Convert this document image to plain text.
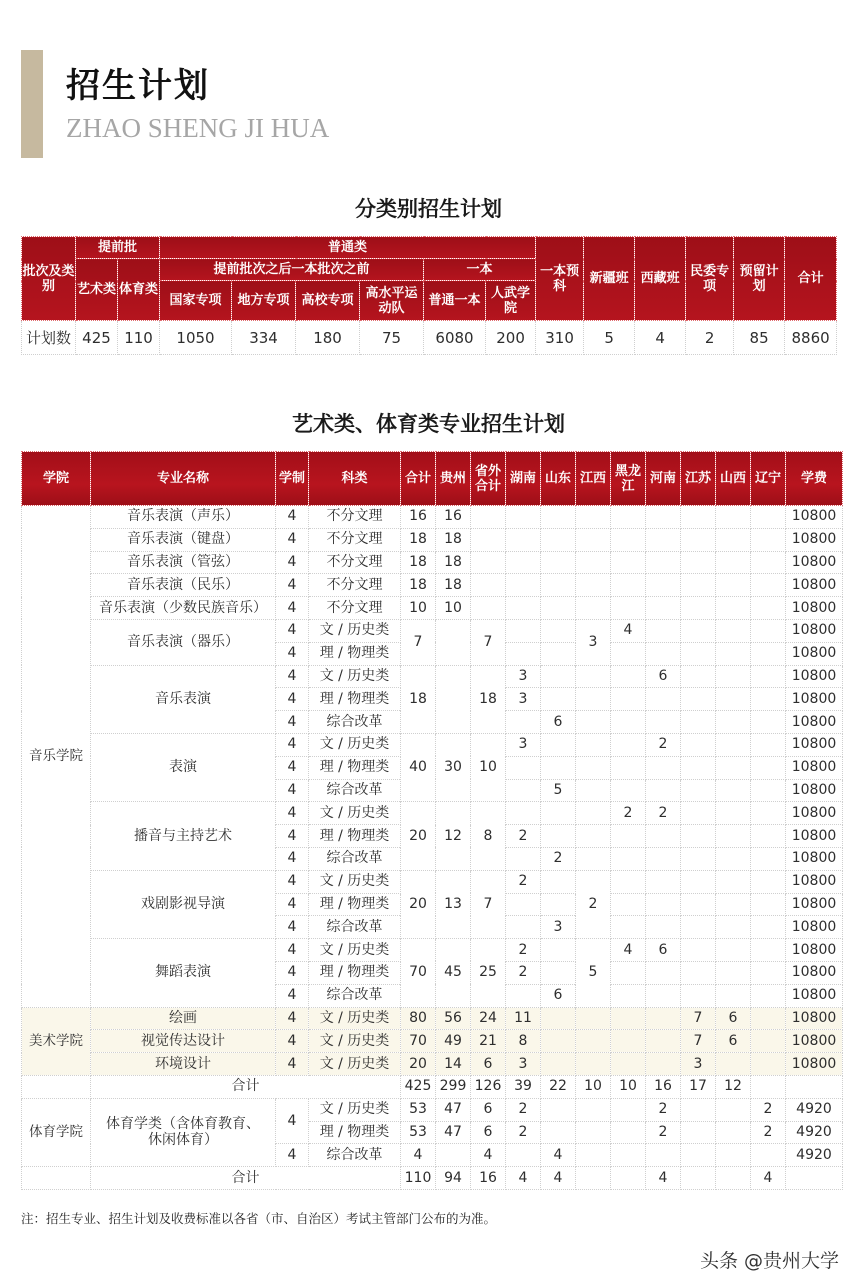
招生计划
ZHAO SHENG JI HUA
分类别招生计划
批次及类别	提前批		普通类						一本预科	新疆班	西藏班	民委专项	预留计划	合计
	艺术类	体育类	提前批次之后一本批次之前				一本							
			国家专项	地方专项	高校专项	高水平运动队	普通一本	人武学院						
计划数	425	110	1050	334	180	75	6080	200	310	5	4	2	85	8860
艺术类、体育类专业招生计划
学院	专业名称	学制	科类	合计	贵州	省外合计	湖南	山东	江西	黑龙江	河南	江苏	山西	辽宁	学费
音乐学院	音乐表演（声乐）	4	不分文理	16	16										10800
	音乐表演（键盘）	4	不分文理	18	18										10800
	音乐表演（管弦）	4	不分文理	18	18										10800
	音乐表演（民乐）	4	不分文理	18	18										10800
	音乐表演（少数民族音乐）	4	不分文理	10	10										10800
	音乐表演（器乐）	4	文 / 历史类	7		7			3	4					10800
		4	理 / 物理类												10800
	音乐表演	4	文 / 历史类	18		18	3				6				10800
		4	理 / 物理类				3								10800
		4	综合改革					6							10800
	表演	4	文 / 历史类	40	30	10	3				2				10800
		4	理 / 物理类												10800
		4	综合改革					5							10800
	播音与主持艺术	4	文 / 历史类	20	12	8				2	2				10800
		4	理 / 物理类				2								10800
		4	综合改革					2							10800
	戏剧影视导演	4	文 / 历史类	20	13	7	2		2						10800
		4	理 / 物理类												10800
		4	综合改革					3							10800
	舞蹈表演	4	文 / 历史类	70	45	25	2		5	4	6				10800
		4	理 / 物理类				2								10800
		4	综合改革					6							10800
美术学院	绘画	4	文 / 历史类	80	56	24	11					7	6		10800
	视觉传达设计	4	文 / 历史类	70	49	21	8					7	6		10800
	环境设计	4	文 / 历史类	20	14	6	3					3			10800
	合计			425	299	126	39	22	10	10	16	17	12		
体育学院	体育学类（含体育教育、休闲体育）	4	文 / 历史类	53	47	6	2				2			2	4920
			理 / 物理类	53	47	6	2				2			2	4920
		4	综合改革	4		4		4							4920
	合计			110	94	16	4	4			4			4	
注：招生专业、招生计划及收费标准以各省（市、自治区）考试主管部门公布的为准。
头条 @贵州大学
